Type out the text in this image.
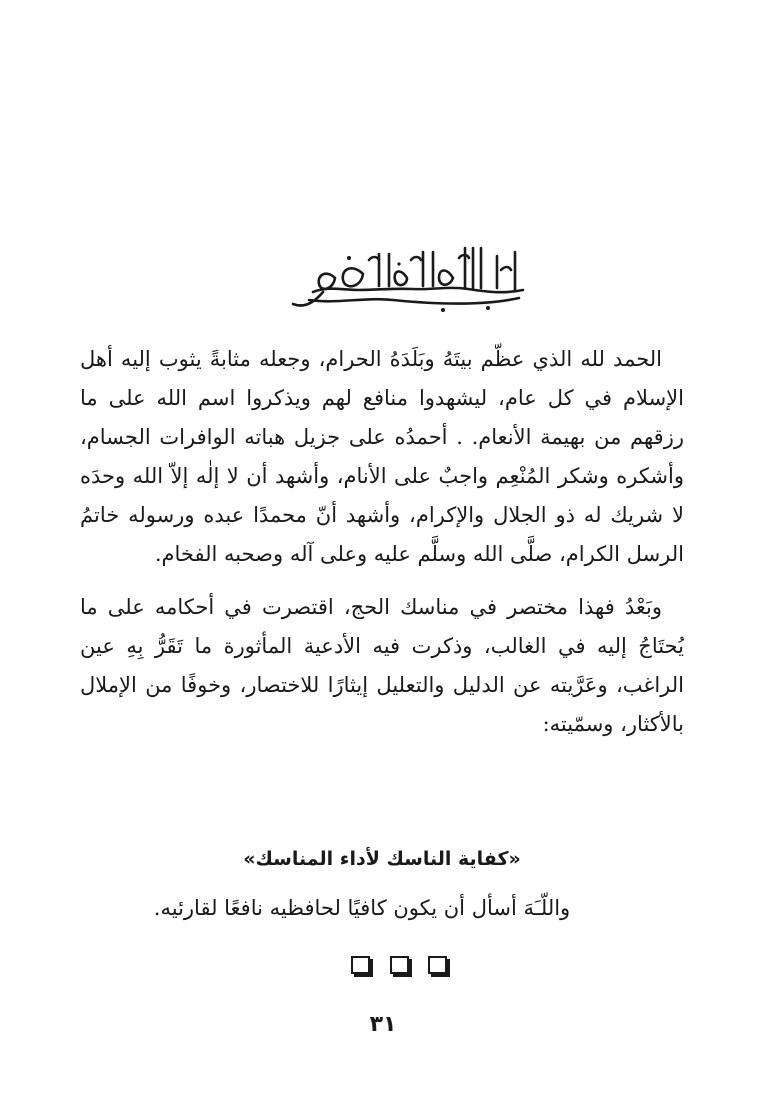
الحمد لله الذي عظّم بيتَهُ وبَلَدَهُ الحرام، وجعله مثابةً يثوب إليه أهل الإسلام في كل عام، ليشهدوا منافع لهم ويذكروا اسم الله على ما رزقهم من بهيمة الأنعام. . أحمدُه على جزيل هباته الوافرات الجسام، وأشكره وشكر المُنْعِم واجبٌ على الأنام، وأشهد أن لا إلٰه إلاّ الله وحدَه لا شريك له ذو الجلال والإكرام، وأشهد أنّ محمدًا عبده ورسوله خاتمُ الرسل الكرام، صلَّى الله وسلَّم عليه وعلى آله وصحبه الفخام.

وبَعْدُ فهذا مختصر في مناسك الحج، اقتصرت في أحكامه على ما يُحتَاجُ إليه في الغالب، وذكرت فيه الأدعية المأثورة ما تَقَرُّ بِهِ عين الراغب، وعَرَّيته عن الدليل والتعليل إيثارًا للاختصار، وخوفًا من الإملال بالأكثار، وسمّيته:

«كفاية الناسك لأداء المناسك»
واللّـَهَ أسأل أن يكون كافيًا لحافظيه نافعًا لقارئيه.
٣١
